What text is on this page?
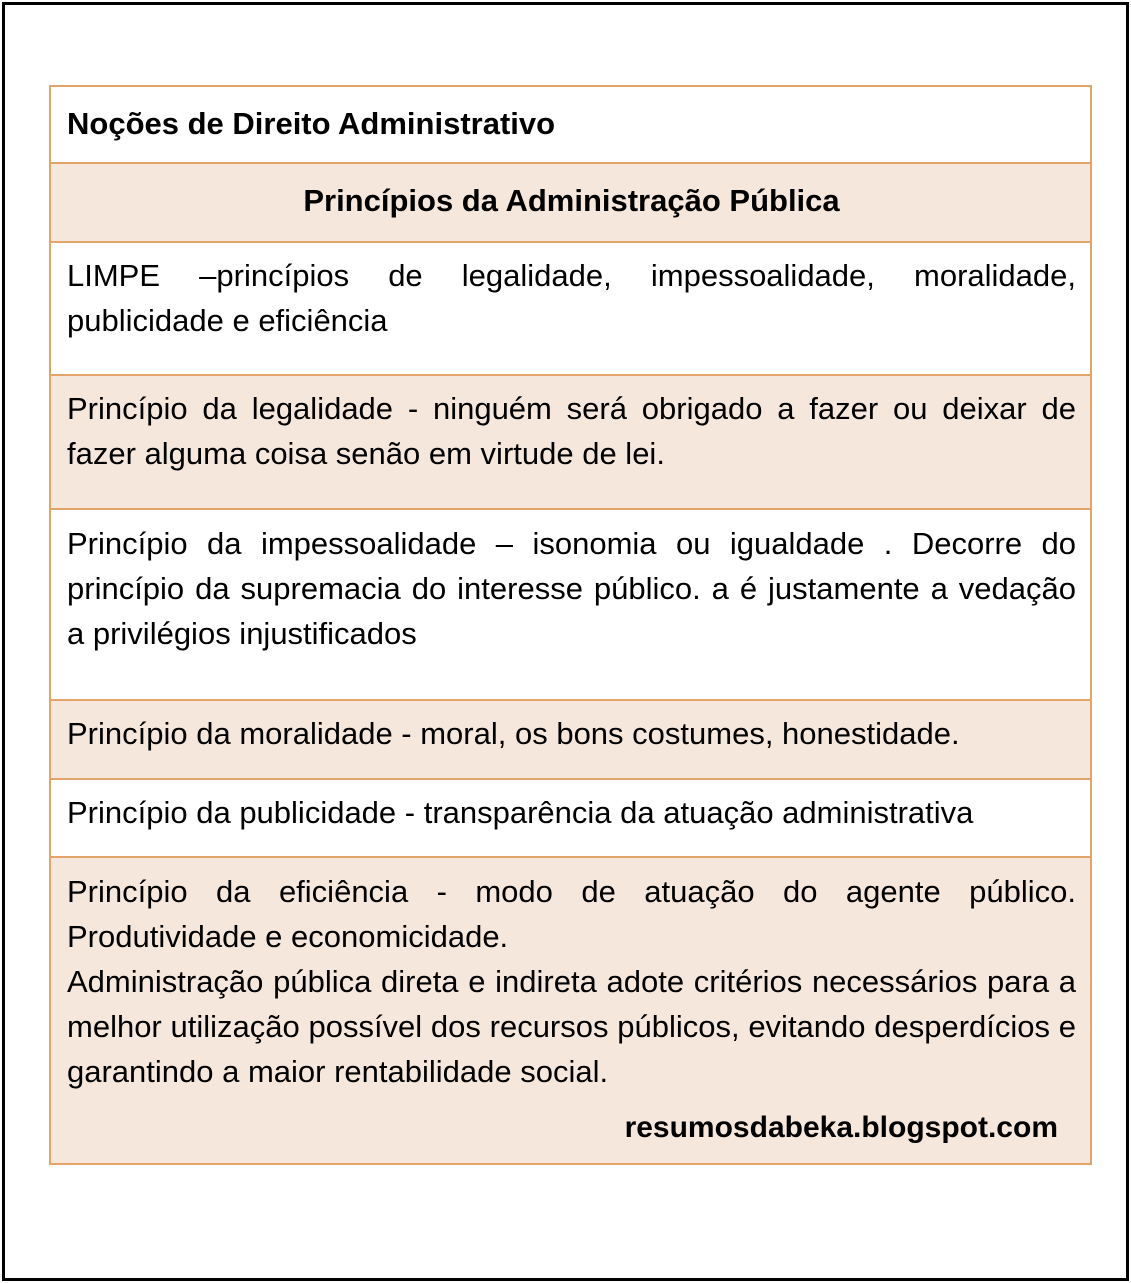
Noções de Direito Administrativo
Princípios da Administração Pública

LIMPE –princípios de legalidade, impessoalidade, moralidade, publicidade e eficiência

Princípio da legalidade - ninguém será obrigado a fazer ou deixar de fazer alguma coisa senão em virtude de lei.

Princípio da impessoalidade – isonomia ou igualdade . Decorre do princípio da supremacia do interesse público. a é justamente a vedação a privilégios injustificados

Princípio da moralidade - moral, os bons costumes, honestidade.

Princípio da publicidade - transparência da atuação administrativa

Princípio da eficiência - modo de atuação do agente público. Produtividade e economicidade.

Administração pública direta e indireta adote critérios necessários para a melhor utilização possível dos recursos públicos, evitando desperdícios e garantindo a maior rentabilidade social.

resumosdabeka.blogspot.com
